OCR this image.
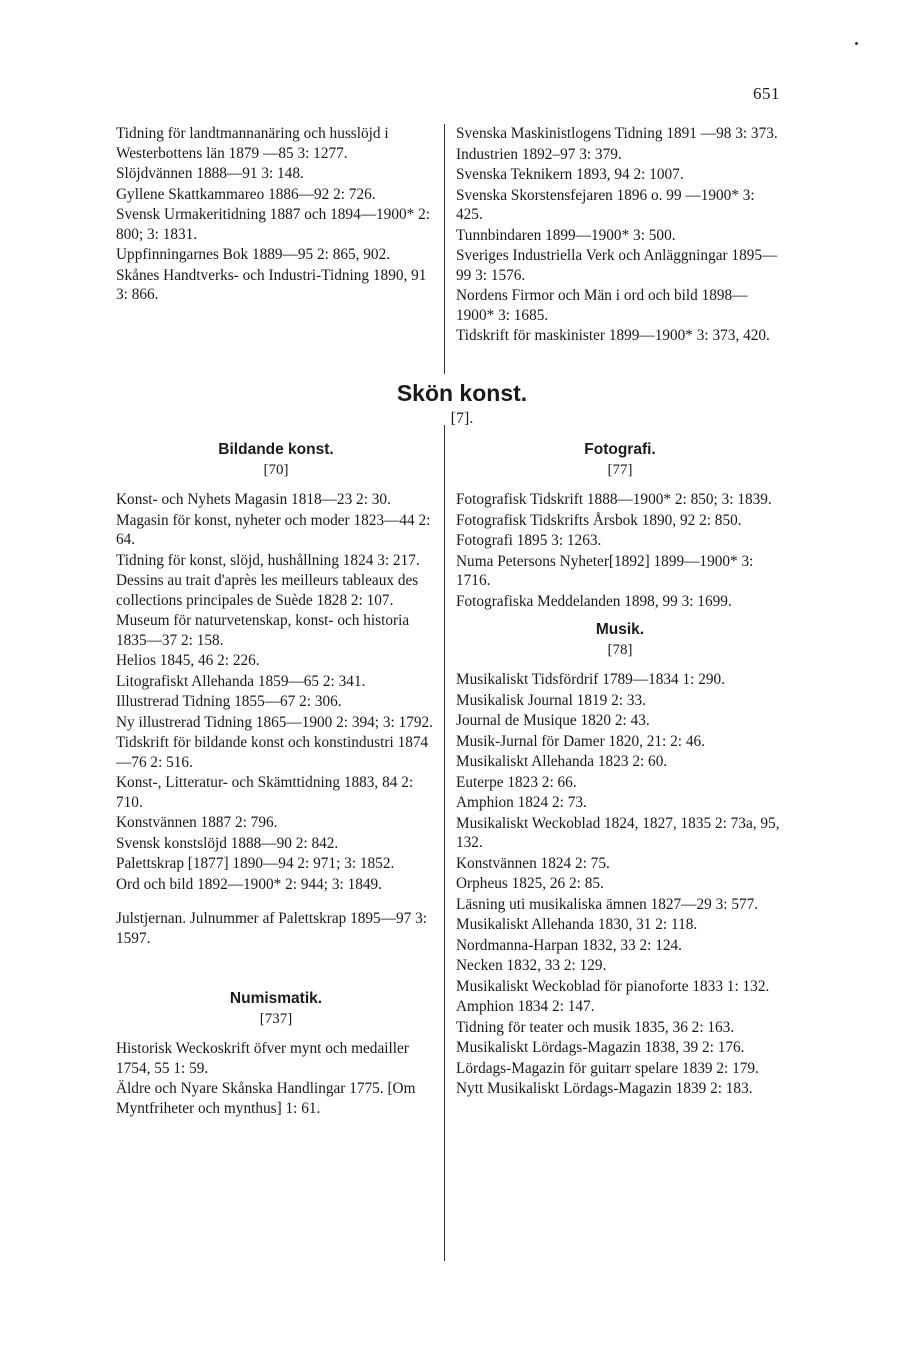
651
Tidning för landtmannanäring och husslöjd i Westerbottens län 1879 —85 3: 1277.
Slöjdvännen 1888—91 3: 148.
Gyllene Skattkammareo 1886—92 2: 726.
Svensk Urmakeritidning 1887 och 1894—1900* 2: 800; 3: 1831.
Uppfinningarnes Bok 1889—95 2: 865, 902.
Skånes Handtverks- och Industri-Tidning 1890, 91 3: 866.
Svenska Maskinistlogens Tidning 1891 —98 3: 373.
Industrien 1892–97 3: 379.
Svenska Teknikern 1893, 94 2: 1007.
Svenska Skorstensfejaren 1896 o. 99 —1900* 3: 425.
Tunnbindaren 1899—1900* 3: 500.
Sveriges Industriella Verk och Anläggningar 1895—99 3: 1576.
Nordens Firmor och Män i ord och bild 1898—1900* 3: 1685.
Tidskrift för maskinister 1899—1900* 3: 373, 420.
Skön konst.
[7].
Bildande konst.
[70]
Konst- och Nyhets Magasin 1818—23 2: 30.
Magasin för konst, nyheter och moder 1823—44 2: 64.
Tidning för konst, slöjd, hushållning 1824 3: 217.
Dessins au trait d'après les meilleurs tableaux des collections principales de Suède 1828 2: 107.
Museum för naturvetenskap, konst- och historia 1835—37 2: 158.
Helios 1845, 46 2: 226.
Litografiskt Allehanda 1859—65 2: 341.
Illustrerad Tidning 1855—67 2: 306.
Ny illustrerad Tidning 1865—1900 2: 394; 3: 1792.
Tidskrift för bildande konst och konstindustri 1874—76 2: 516.
Konst-, Litteratur- och Skämttidning 1883, 84 2: 710.
Konstvännen 1887 2: 796.
Svensk konstslöjd 1888—90 2: 842.
Palettskrap [1877] 1890—94 2: 971; 3: 1852.
Ord och bild 1892—1900* 2: 944; 3: 1849.
Julstjernan. Julnummer af Palettskrap 1895—97 3: 1597.
Numismatik.
[737]
Historisk Weckoskrift öfver mynt och medailler 1754, 55 1: 59.
Äldre och Nyare Skånska Handlingar 1775. [Om Myntfriheter och mynthus] 1: 61.
Fotografi.
[77]
Fotografisk Tidskrift 1888—1900* 2: 850; 3: 1839.
Fotografisk Tidskrifts Årsbok 1890, 92 2: 850.
Fotografi 1895 3: 1263.
Numa Petersons Nyheter[1892] 1899—1900* 3: 1716.
Fotografiska Meddelanden 1898, 99 3: 1699.
Musik.
[78]
Musikaliskt Tidsfördrif 1789—1834 1: 290.
Musikalisk Journal 1819 2: 33.
Journal de Musique 1820 2: 43.
Musik-Jurnal för Damer 1820, 21: 2: 46.
Musikaliskt Allehanda 1823 2: 60.
Euterpe 1823 2: 66.
Amphion 1824 2: 73.
Musikaliskt Weckoblad 1824, 1827, 1835 2: 73a, 95, 132.
Konstvännen 1824 2: 75.
Orpheus 1825, 26 2: 85.
Läsning uti musikaliska ämnen 1827—29 3: 577.
Musikaliskt Allehanda 1830, 31 2: 118.
Nordmanna-Harpan 1832, 33 2: 124.
Necken 1832, 33 2: 129.
Musikaliskt Weckoblad för pianoforte 1833 1: 132.
Amphion 1834 2: 147.
Tidning för teater och musik 1835, 36 2: 163.
Musikaliskt Lördags-Magazin 1838, 39 2: 176.
Lördags-Magazin för guitarr spelare 1839 2: 179.
Nytt Musikaliskt Lördags-Magazin 1839 2: 183.
